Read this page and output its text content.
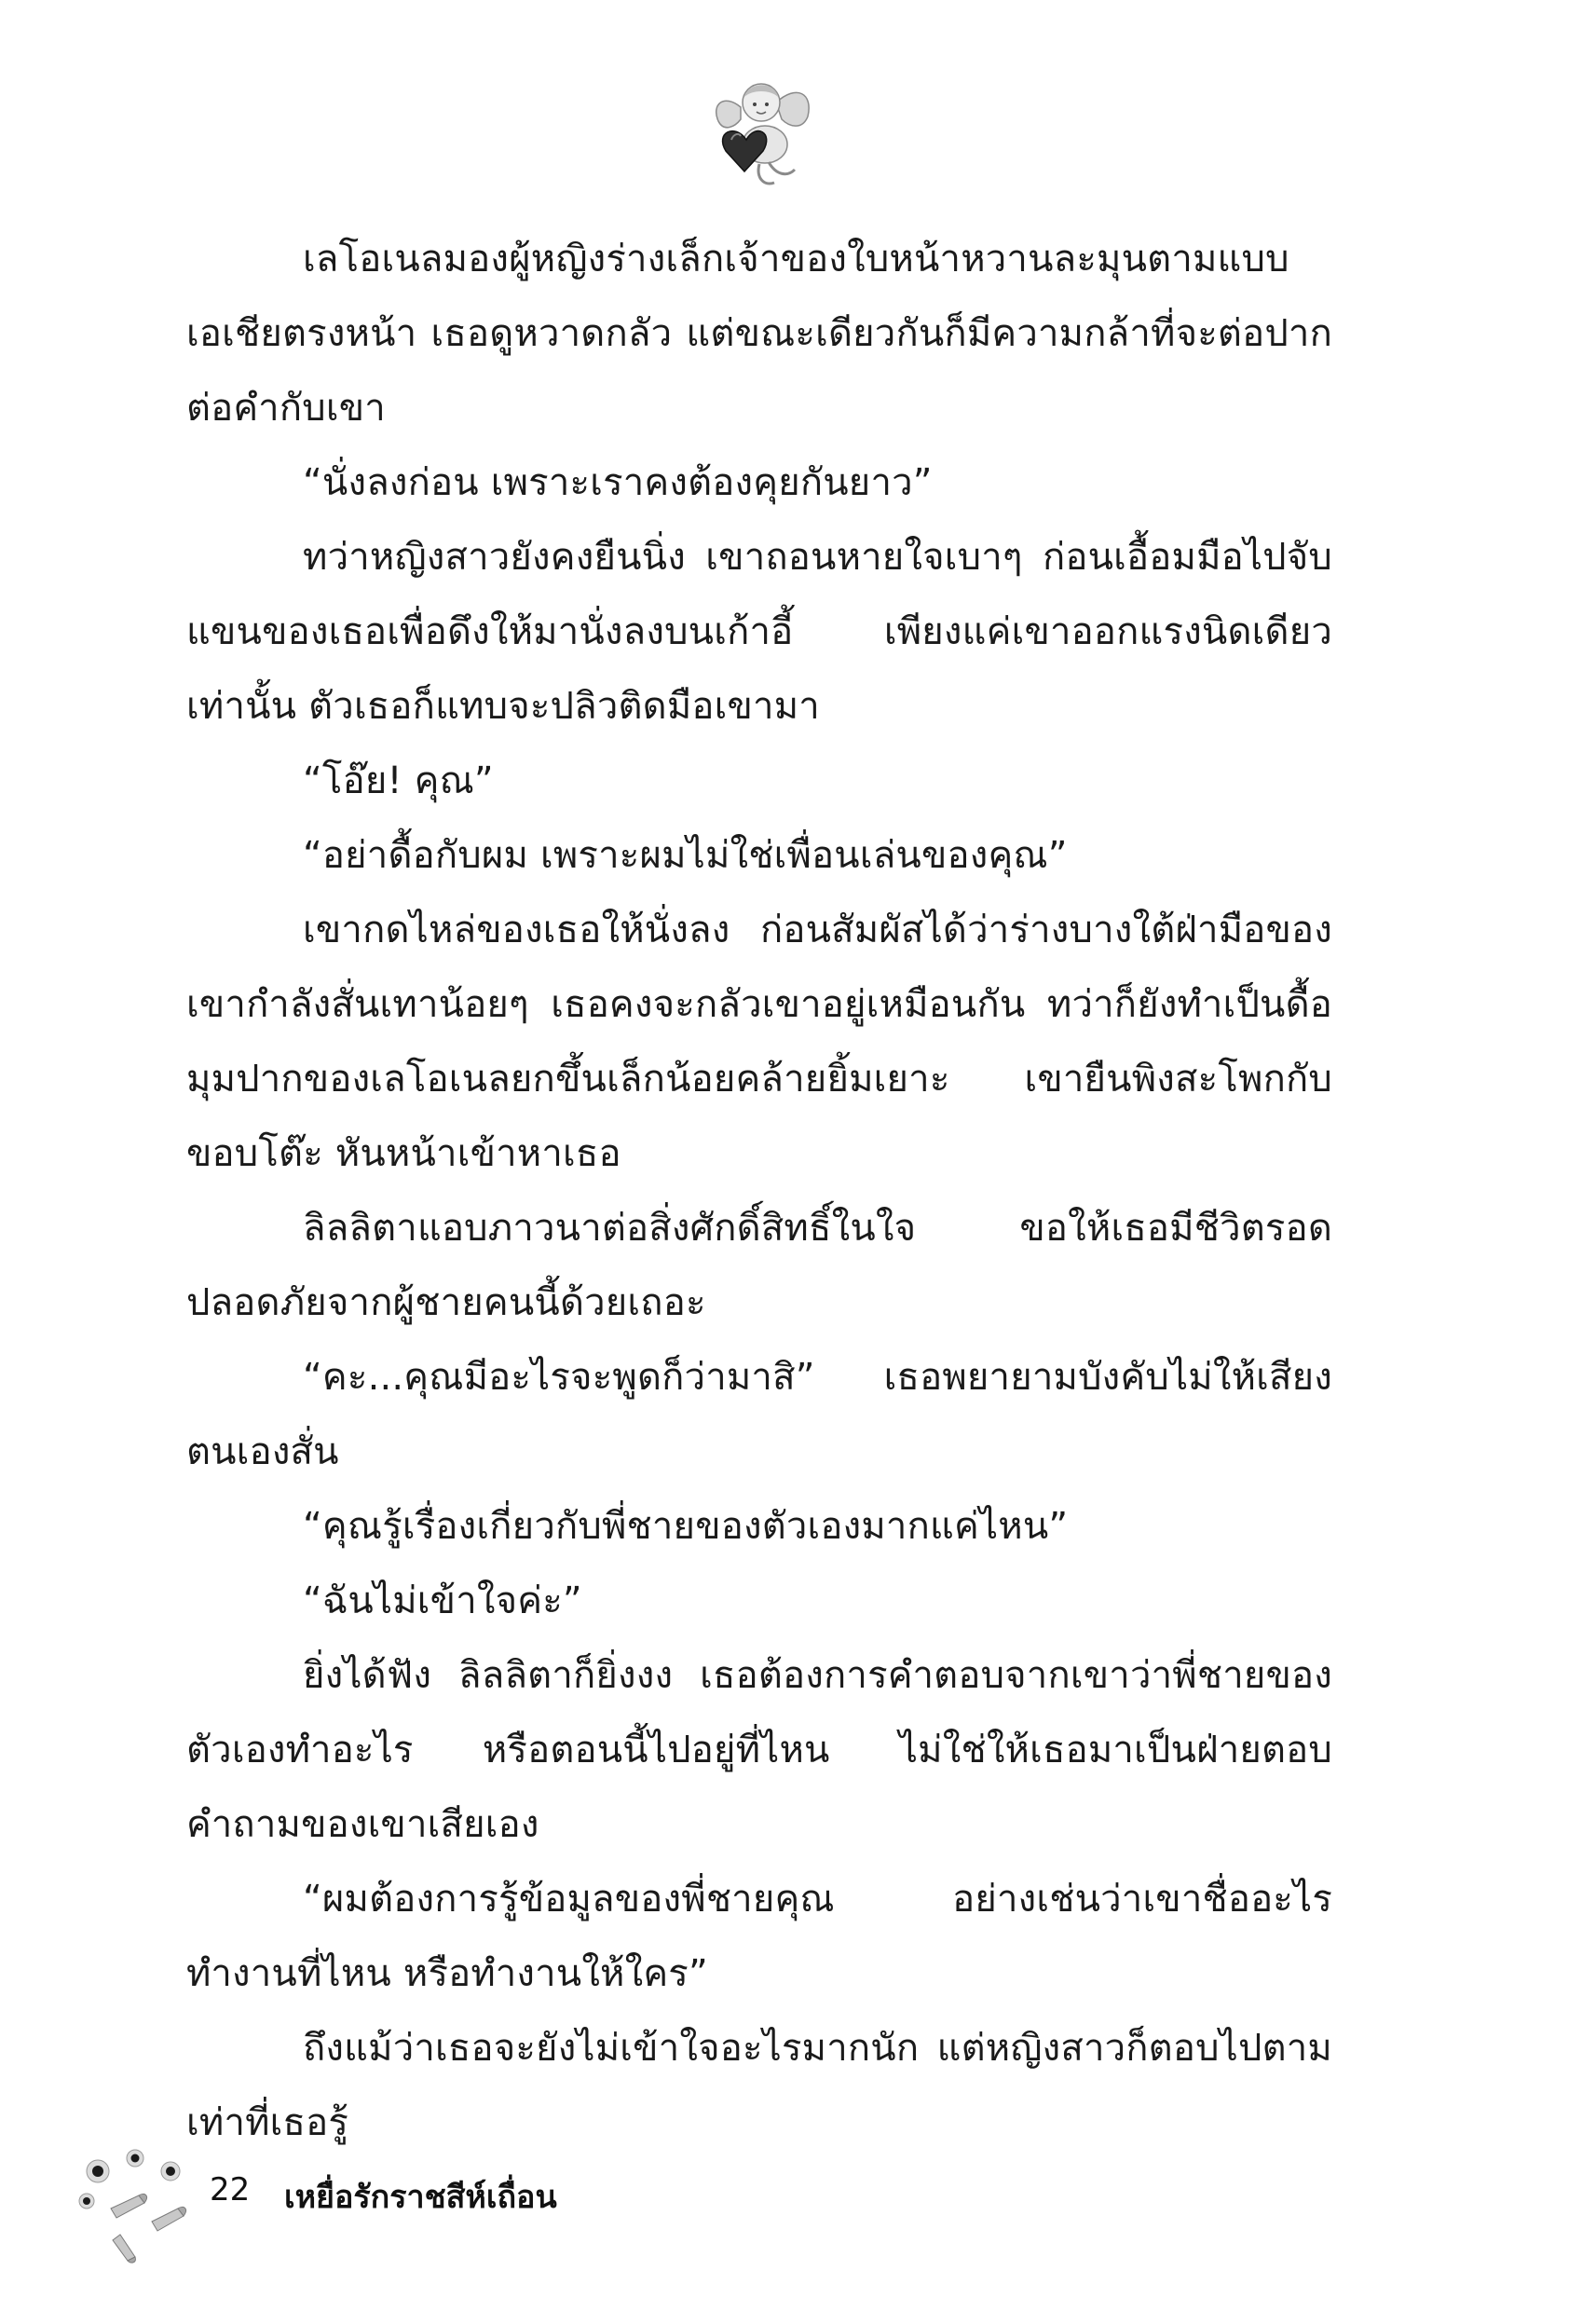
เลโอเนลมองผู้หญิงร่างเล็กเจ้าของใบหน้าหวานละมุนตามแบบเอเชียตรงหน้า เธอดูหวาดกลัว แต่ขณะเดียวกันก็มีความกล้าที่จะต่อปากต่อคำกับเขา

“นั่งลงก่อน เพราะเราคงต้องคุยกันยาว”

ทว่าหญิงสาวยังคงยืนนิ่ง เขาถอนหายใจเบาๆ ก่อนเอื้อมมือไปจับแขนของเธอเพื่อดึงให้มานั่งลงบนเก้าอี้ เพียงแค่เขาออกแรงนิดเดียวเท่านั้น ตัวเธอก็แทบจะปลิวติดมือเขามา

“โอ๊ย! คุณ”

“อย่าดื้อกับผม เพราะผมไม่ใช่เพื่อนเล่นของคุณ”

เขากดไหล่ของเธอให้นั่งลง ก่อนสัมผัสได้ว่าร่างบางใต้ฝ่ามือของเขากำลังสั่นเทาน้อยๆ เธอคงจะกลัวเขาอยู่เหมือนกัน ทว่าก็ยังทำเป็นดื้อ มุมปากของเลโอเนลยกขึ้นเล็กน้อยคล้ายยิ้มเยาะ เขายืนพิงสะโพกกับขอบโต๊ะ หันหน้าเข้าหาเธอ

ลิลลิตาแอบภาวนาต่อสิ่งศักดิ์สิทธิ์ในใจ ขอให้เธอมีชีวิตรอดปลอดภัยจากผู้ชายคนนี้ด้วยเถอะ

“คะ...คุณมีอะไรจะพูดก็ว่ามาสิ” เธอพยายามบังคับไม่ให้เสียงตนเองสั่น

“คุณรู้เรื่องเกี่ยวกับพี่ชายของตัวเองมากแค่ไหน”

“ฉันไม่เข้าใจค่ะ”

ยิ่งได้ฟัง ลิลลิตาก็ยิ่งงง เธอต้องการคำตอบจากเขาว่าพี่ชายของตัวเองทำอะไร หรือตอนนี้ไปอยู่ที่ไหน ไม่ใช่ให้เธอมาเป็นฝ่ายตอบคำถามของเขาเสียเอง

“ผมต้องการรู้ข้อมูลของพี่ชายคุณ อย่างเช่นว่าเขาชื่ออะไร ทำงานที่ไหน หรือทำงานให้ใคร”

ถึงแม้ว่าเธอจะยังไม่เข้าใจอะไรมากนัก แต่หญิงสาวก็ตอบไปตามเท่าที่เธอรู้

22 เหยื่อรักราชสีห์เถื่อน
